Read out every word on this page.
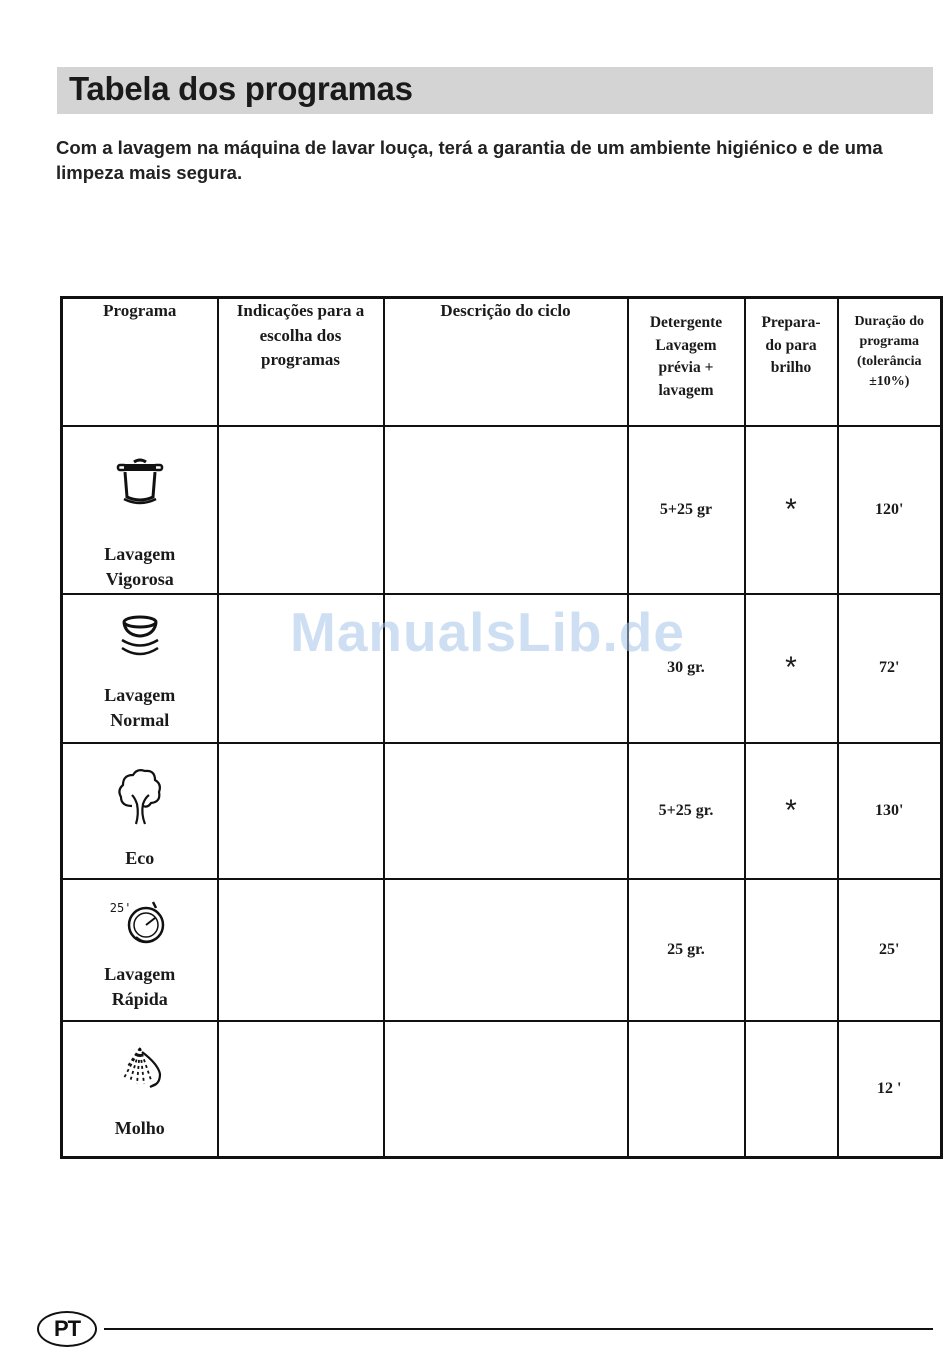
Tabela dos programas
Com a lavagem na máquina de lavar louça, terá a garantia de um ambiente higiénico e de uma limpeza mais segura.
Programa	Indicações para a escolha dos programas	Descrição do ciclo	Detergente Lavagem prévia + lavagem	Prepara- do para brilho	Duração do programa (tolerância ±10%)

Lavagem
Vigorosa			5+25 gr	*	120'

Lavagem
Normal			30 gr.	*	72'

Eco			5+25 gr.	*	130'

25'
Lavagem
Rápida			25 gr.		25'

Molho					12 '
ManualsLib.de
PT
